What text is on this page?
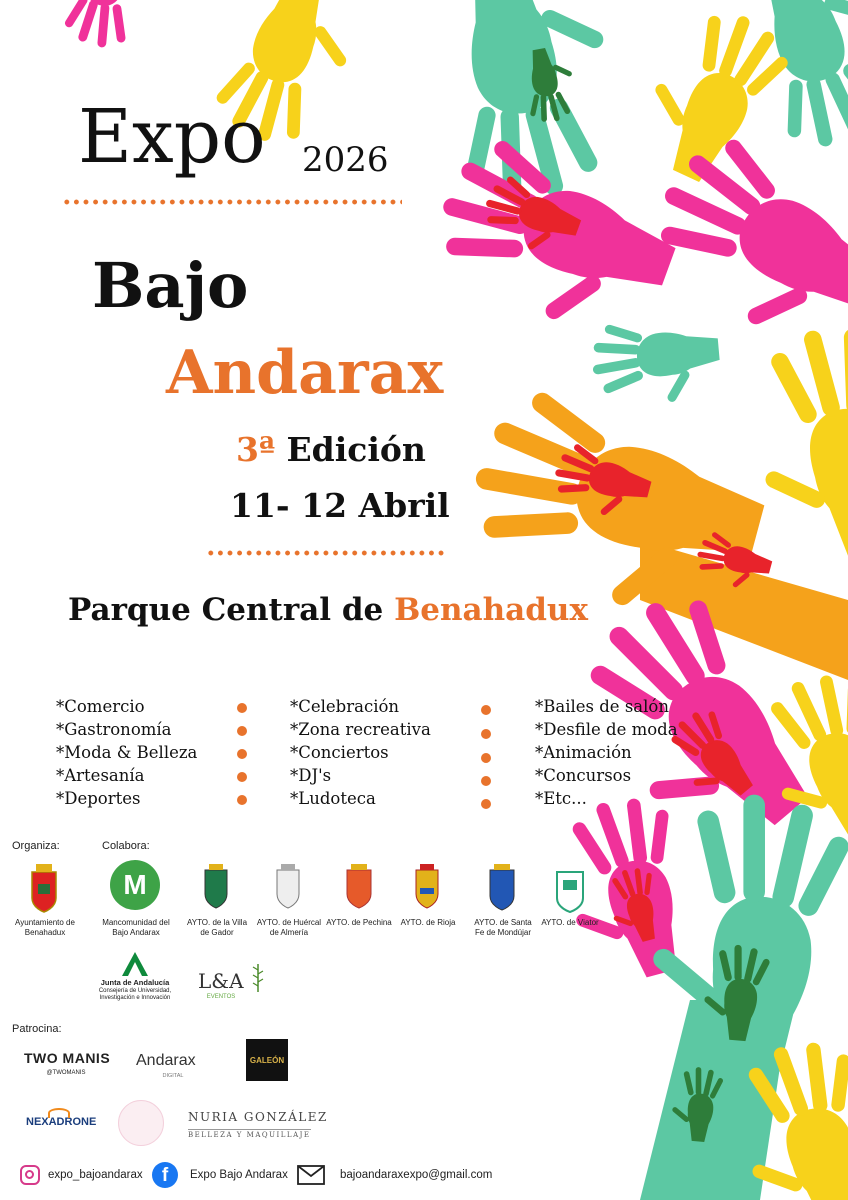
Expo 2026
Bajo
Andarax
3ª Edición
11- 12 Abril
Parque Central de Benahadux
*Comercio
*Gastronomía
*Moda & Belleza
*Artesanía
*Deportes
*Celebración
*Zona recreativa
*Conciertos
*DJ's
*Ludoteca
*Bailes de salón
*Desfile de moda
*Animación
*Concursos
*Etc...
Organiza:	Colabora:
Ayuntamiento de Benahadux
M
Mancomunidad del Bajo Andarax
AYTO. de la Villa de Gador
AYTO. de Huércal de Almería
AYTO. de Pechina	AYTO. de Rioja	AYTO. de Santa Fe de Mondújar
AYTO. de Viator
Junta de Andalucía
Consejería de Universidad, Investigación e Innovación
L&A
EVENTOS
Patrocina:
TWO MANIS
@TWOMANIS
Andarax
DIGITAL
GALEÓN
NEXADRONE	NURIA GONZÁLEZ
BELLEZA Y MAQUILLAJE
expo_bajoandarax	f	Expo Bajo Andarax	bajoandaraxexpo@gmail.com
